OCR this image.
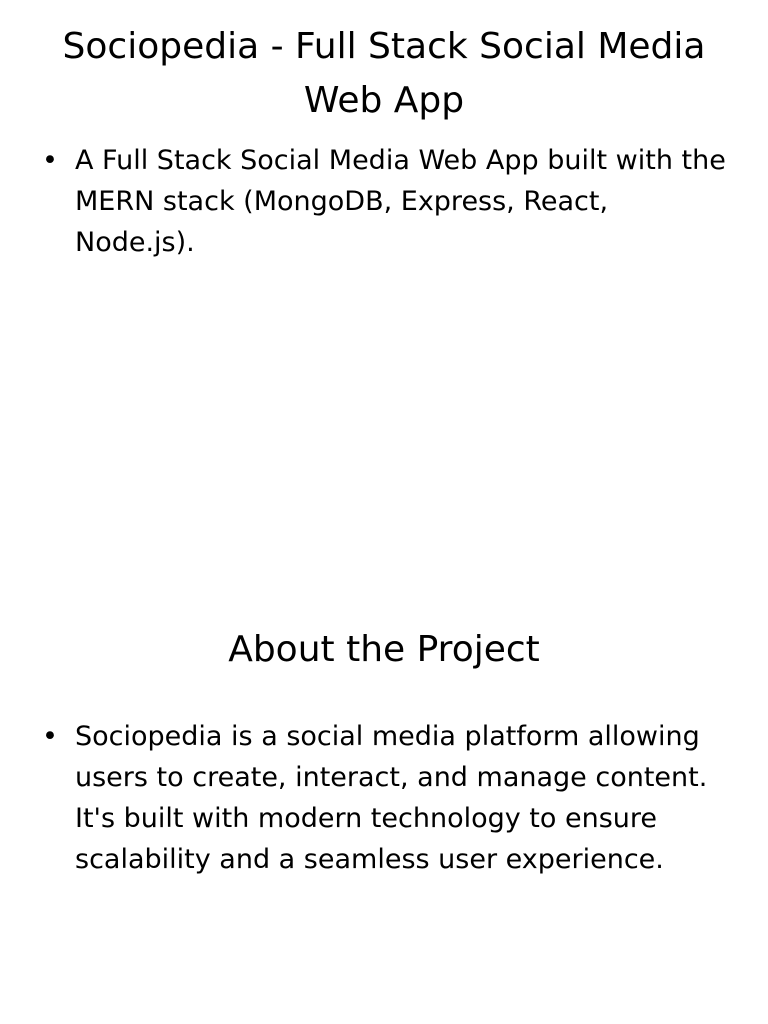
Sociopedia - Full Stack Social Media Web App
• A Full Stack Social Media Web App built with the MERN stack (MongoDB, Express, React, Node.js).
About the Project
• Sociopedia is a social media platform allowing users to create, interact, and manage content. It's built with modern technology to ensure scalability and a seamless user experience.
